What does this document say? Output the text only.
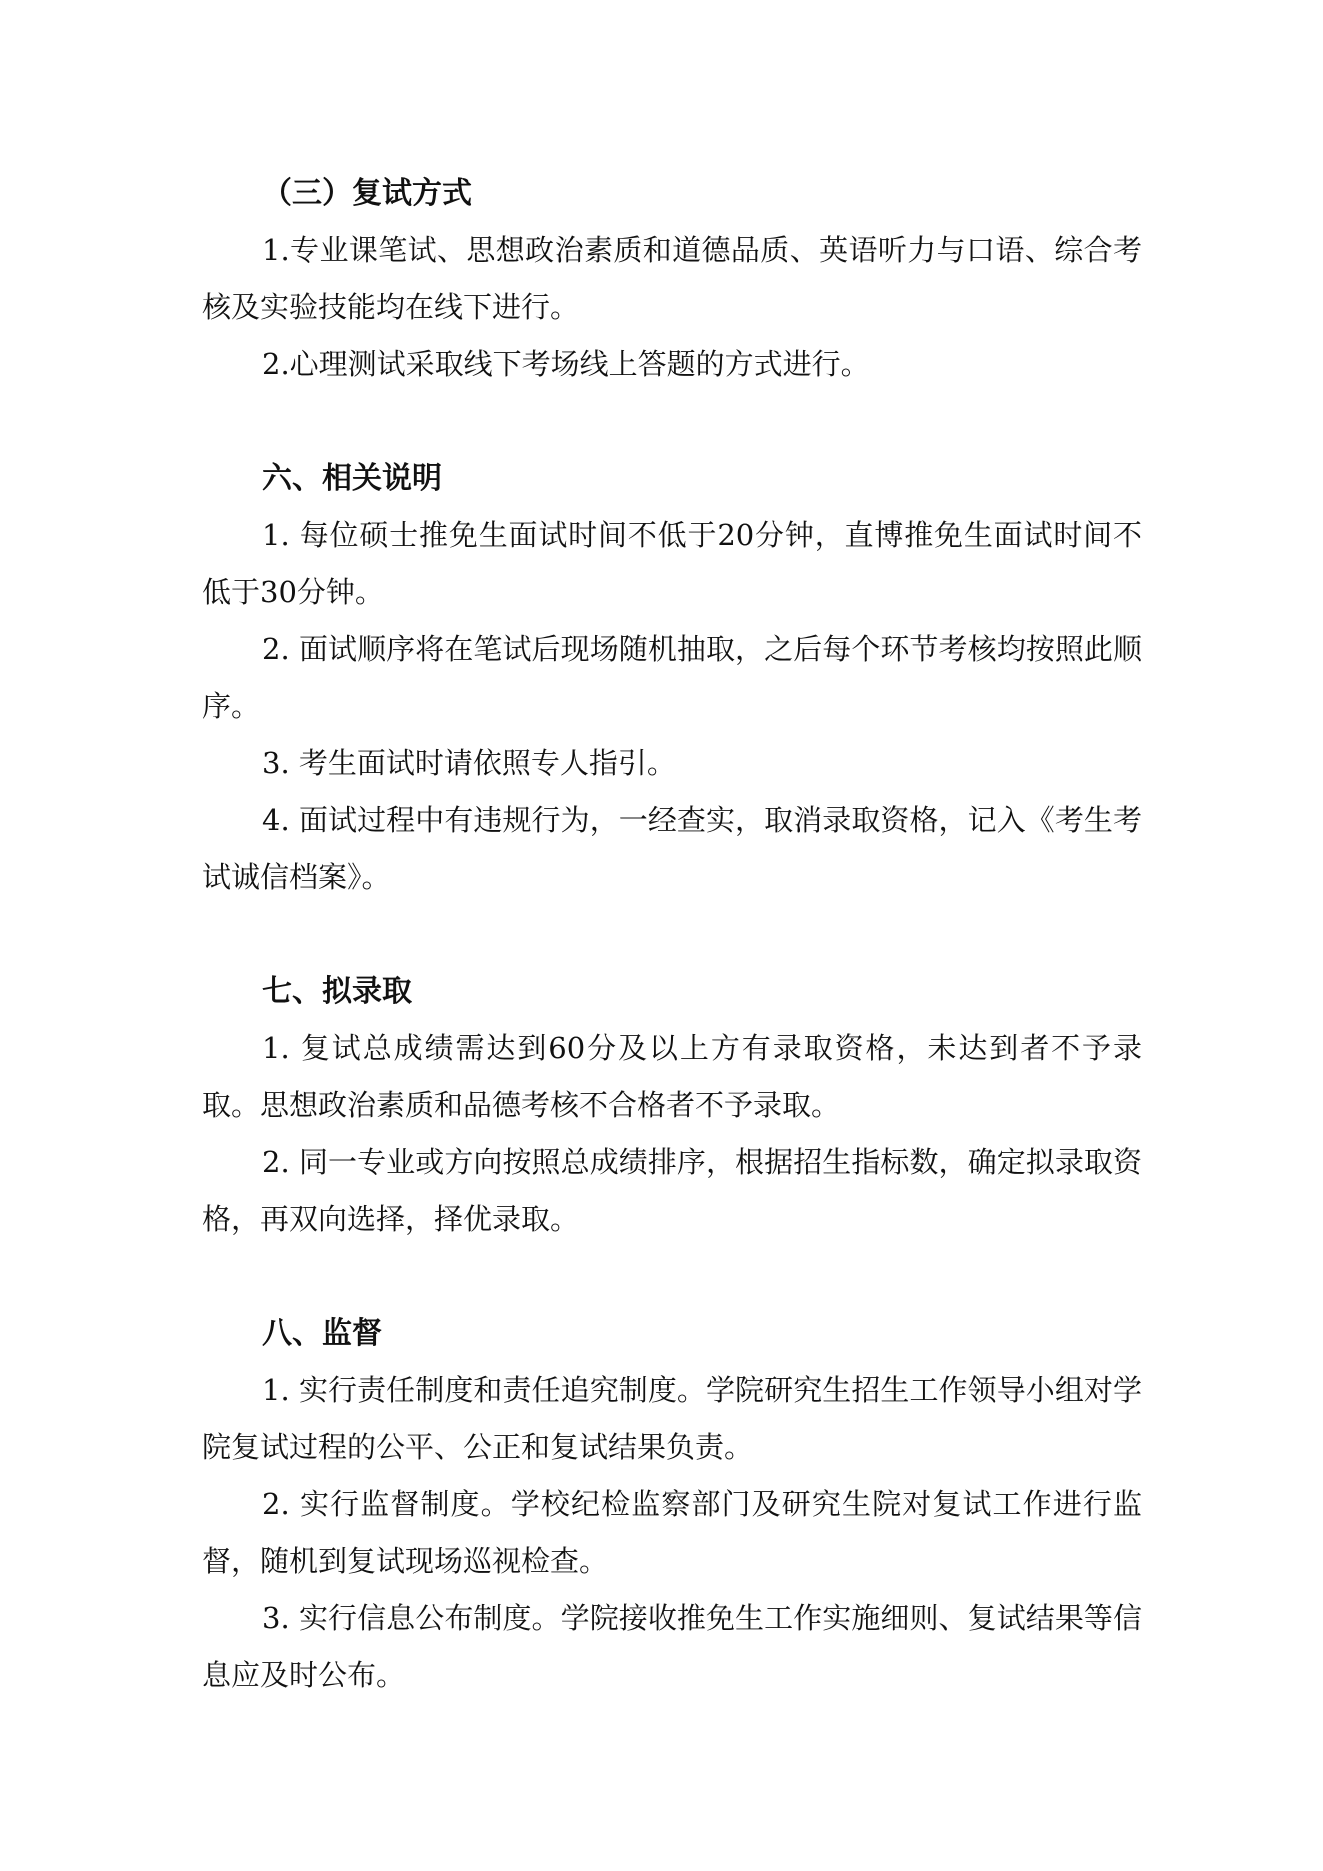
（三）复试方式

1.专业课笔试、思想政治素质和道德品质、英语听力与口语、综合考核及实验技能均在线下进行。

2.心理测试采取线下考场线上答题的方式进行。

六、相关说明

1. 每位硕士推免生面试时间不低于20分钟，直博推免生面试时间不低于30分钟。

2. 面试顺序将在笔试后现场随机抽取，之后每个环节考核均按照此顺序。

3. 考生面试时请依照专人指引。

4. 面试过程中有违规行为，一经查实，取消录取资格，记入《考生考试诚信档案》。

七、拟录取

1. 复试总成绩需达到60分及以上方有录取资格，未达到者不予录取。思想政治素质和品德考核不合格者不予录取。

2. 同一专业或方向按照总成绩排序，根据招生指标数，确定拟录取资格，再双向选择，择优录取。

八、监督

1. 实行责任制度和责任追究制度。学院研究生招生工作领导小组对学院复试过程的公平、公正和复试结果负责。

2. 实行监督制度。学校纪检监察部门及研究生院对复试工作进行监督，随机到复试现场巡视检查。

3. 实行信息公布制度。学院接收推免生工作实施细则、复试结果等信息应及时公布。
